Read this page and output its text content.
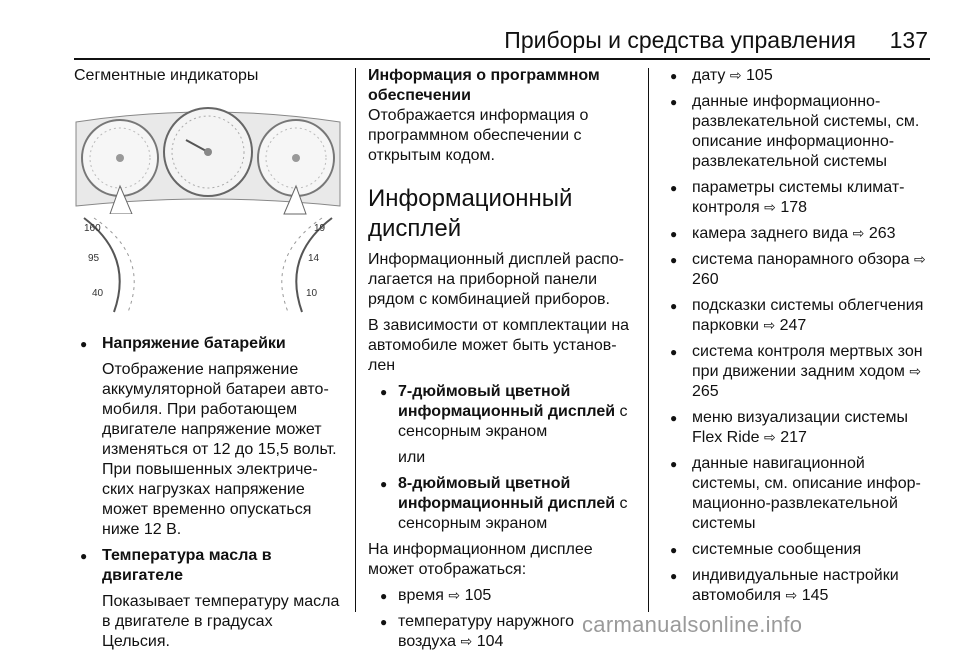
Приборы и средства управления 137
Сегментные индикаторы
160
95
40
19
14
10
● Напряжение батарейки
Отображение напряжение аккумуляторной батареи авто-мобиля. При работающем двигателе напряжение может изменяться от 12 до 15,5 вольт. При повышенных электриче-ских нагрузках напряжение может временно опускаться ниже 12 В.
● Температура масла в двигателе
Показывает температуру масла в двигателе в градусах Цельсия.
Информация о программном обеспечении

Отображается информация о программном обеспечении с открытым кодом.

Информационный дисплей

Информационный дисплей распо-лагается на приборной панели рядом с комбинацией приборов.

В зависимости от комплектации на автомобиле может быть установ-лен

● 7-дюймовый цветной информационный дисплей с сенсорным экраном

или

● 8-дюймовый цветной информационный дисплей с сенсорным экраном

На информационном дисплее может отображаться:

● время ⇨ 105
● температуру наружного воздуха ⇨ 104
● дату ⇨ 105
● данные информационно-развлекательной системы, см. описание информационно-развлекательной системы
● параметры системы климат-контроля ⇨ 178
● камера заднего вида ⇨ 263
● система панорамного обзора ⇨ 260
● подсказки системы облегчения парковки ⇨ 247
● система контроля мертвых зон при движении задним ходом ⇨ 265
● меню визуализации системы Flex Ride ⇨ 217
● данные навигационной системы, см. описание инфор-мационно-развлекательной системы
● системные сообщения
● индивидуальные настройки автомобиля ⇨ 145
carmanualsonline.info
